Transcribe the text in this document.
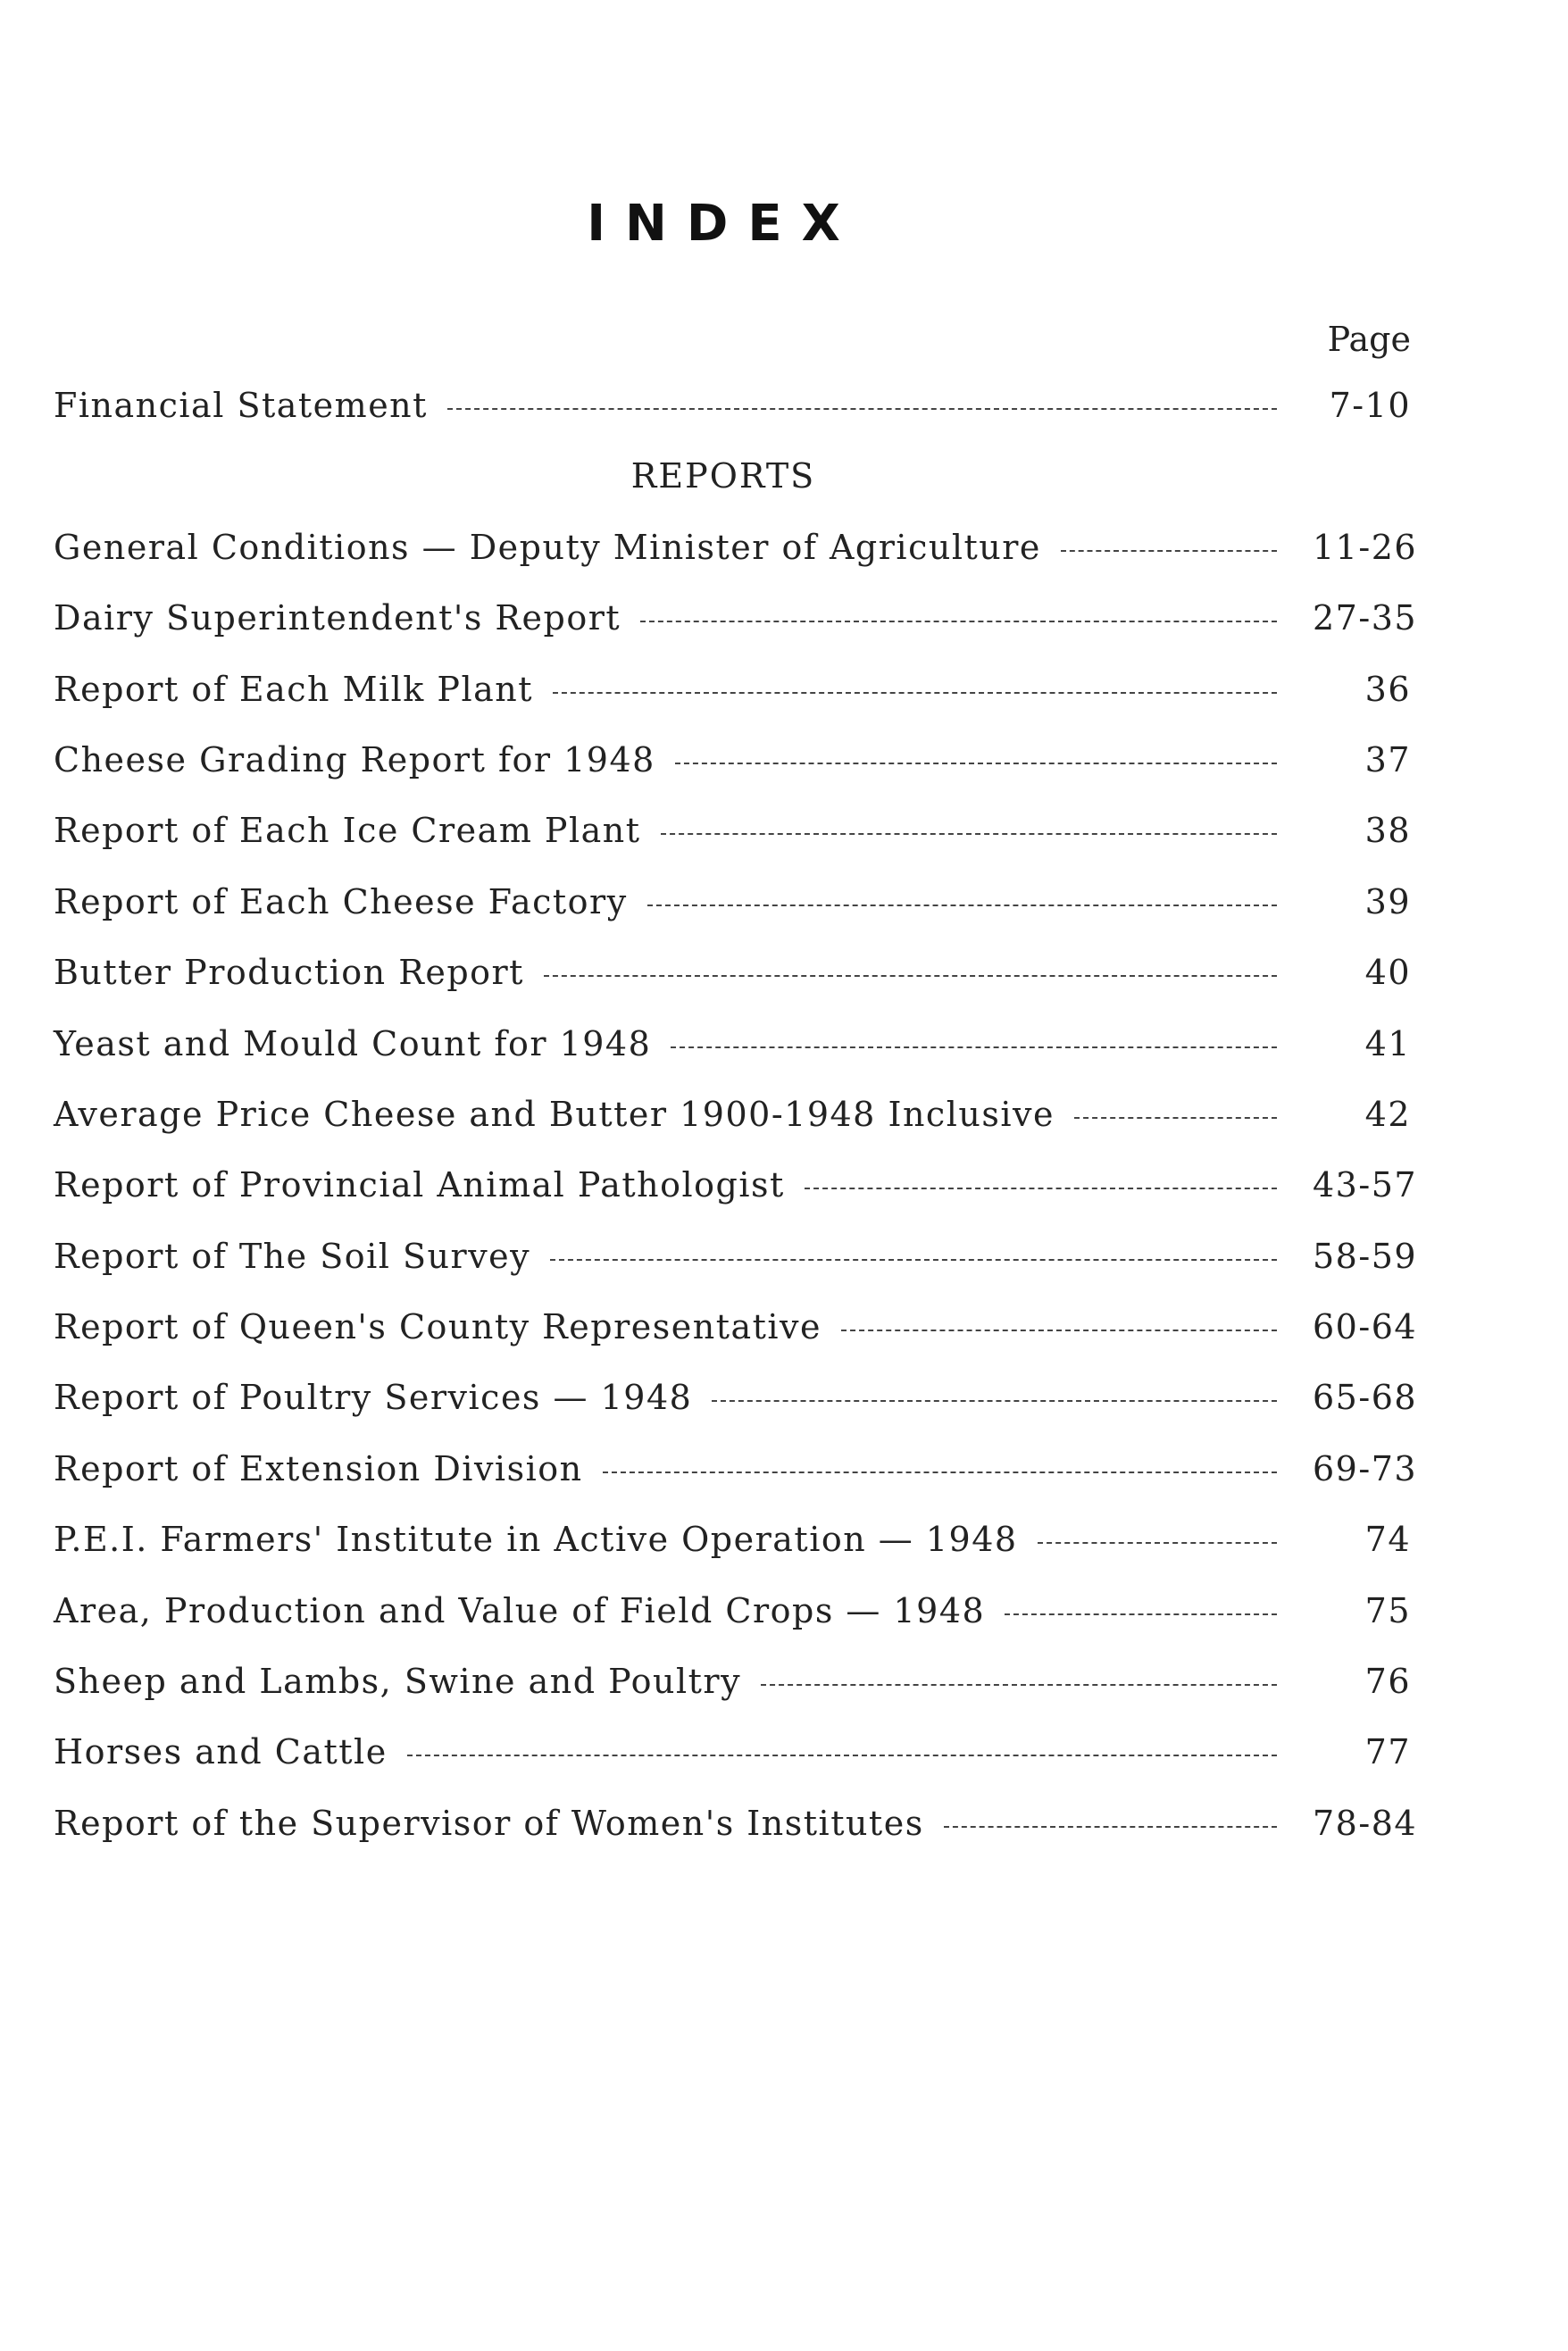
INDEX
Page
Financial Statement	7-10
REPORTS
General Conditions — Deputy Minister of Agriculture	11-26
Dairy Superintendent's Report	27-35
Report of Each Milk Plant	36
Cheese Grading Report for 1948	37
Report of Each Ice Cream Plant	38
Report of Each Cheese Factory	39
Butter Production Report	40
Yeast and Mould Count for 1948	41
Average Price Cheese and Butter 1900-1948 Inclusive	42
Report of Provincial Animal Pathologist	43-57
Report of The Soil Survey	58-59
Report of Queen's County Representative	60-64
Report of Poultry Services — 1948	65-68
Report of Extension Division	69-73
P.E.I. Farmers' Institute in Active Operation — 1948	74
Area, Production and Value of Field Crops — 1948	75
Sheep and Lambs, Swine and Poultry	76
Horses and Cattle	77
Report of the Supervisor of Women's Institutes	78-84
